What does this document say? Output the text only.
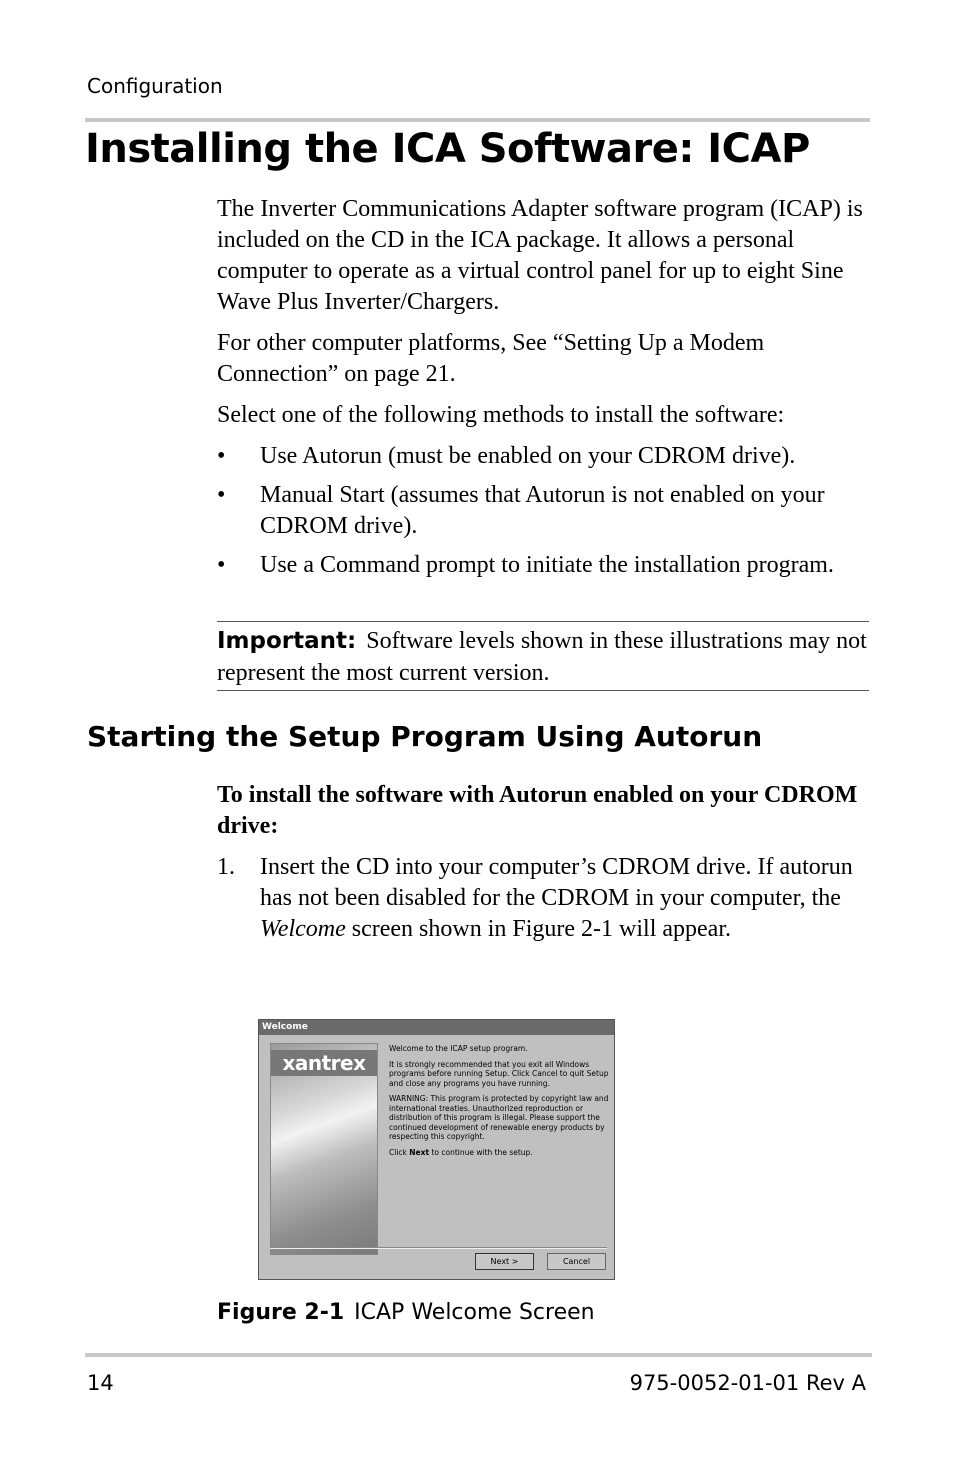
Configuration
Installing the ICA Software: ICAP

The Inverter Communications Adapter software program (ICAP) is included on the CD in the ICA package. It allows a personal computer to operate as a virtual control panel for up to eight Sine Wave Plus Inverter/Chargers.

For other computer platforms, See “Setting Up a Modem Connection” on page 21.

Select one of the following methods to install the software:

• Use Autorun (must be enabled on your CDROM drive).
• Manual Start (assumes that Autorun is not enabled on your CDROM drive).
• Use a Command prompt to initiate the installation program.
Important: Software levels shown in these illustrations may not represent the most current version.
Starting the Setup Program Using Autorun
To install the software with Autorun enabled on your CDROM drive:
1. Insert the CD into your computer’s CDROM drive. If autorun has not been disabled for the CDROM in your computer, the Welcome screen shown in Figure 2-1 will appear.
Welcome
xantrex

Welcome to the ICAP setup program.

It is strongly recommended that you exit all Windows programs before running Setup. Click Cancel to quit Setup and close any programs you have running.

WARNING: This program is protected by copyright law and international treaties. Unauthorized reproduction or distribution of this program is illegal. Please support the continued development of renewable energy products by respecting this copyright.

Click Next to continue with the setup.

Next >	Cancel
Figure 2-1 ICAP Welcome Screen
14	975-0052-01-01 Rev A
